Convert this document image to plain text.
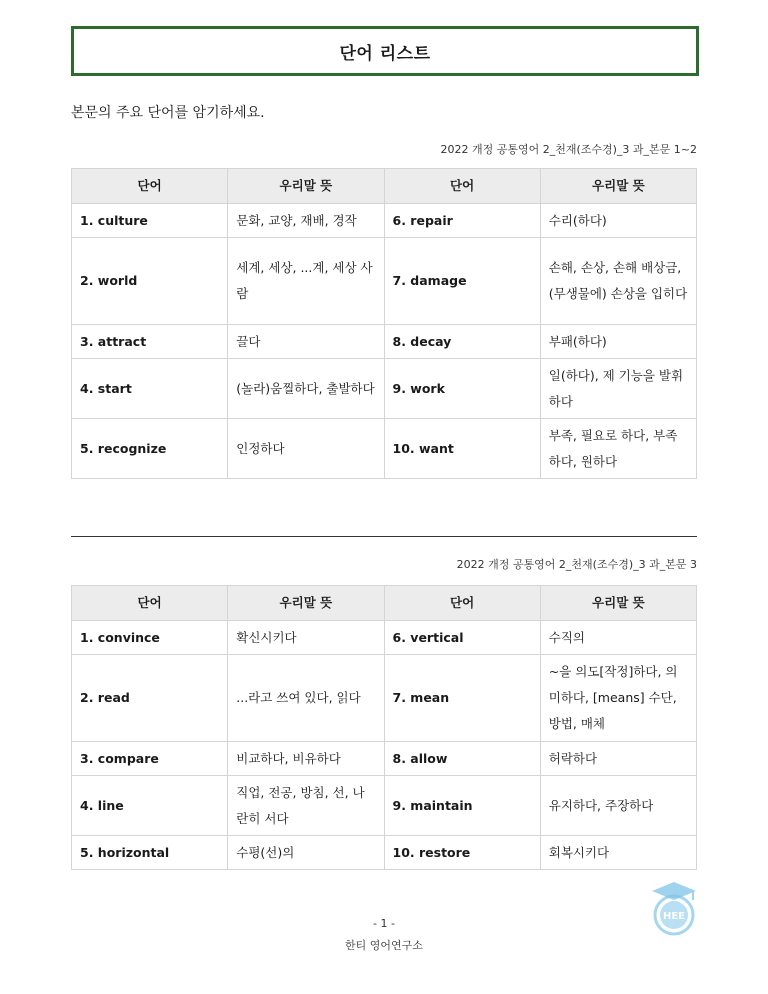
단어 리스트
본문의 주요 단어를 암기하세요.
2022 개정 공통영어 2_천재(조수경)_3 과_본문 1~2
단어	우리말 뜻	단어	우리말 뜻
1. culture	문화, 교양, 재배, 경작	6. repair	수리(하다)
2. world	세계, 세상, ...계, 세상 사람	7. damage	손해, 손상, 손해 배상금, (무생물에) 손상을 입히다
3. attract	끌다	8. decay	부패(하다)
4. start	(놀라)움찔하다, 출발하다	9. work	일(하다), 제 기능을 발휘하다
5. recognize	인정하다	10. want	부족, 필요로 하다, 부족하다, 원하다
2022 개정 공통영어 2_천재(조수경)_3 과_본문 3
단어	우리말 뜻	단어	우리말 뜻
1. convince	확신시키다	6. vertical	수직의
2. read	...라고 쓰여 있다, 읽다	7. mean	~을 의도[작정]하다, 의미하다, [means] 수단, 방법, 매체
3. compare	비교하다, 비유하다	8. allow	허락하다
4. line	직업, 전공, 방침, 선, 나란히 서다	9. maintain	유지하다, 주장하다
5. horizontal	수평(선)의	10. restore	회복시키다
- 1 -
한티 영어연구소
HEE
